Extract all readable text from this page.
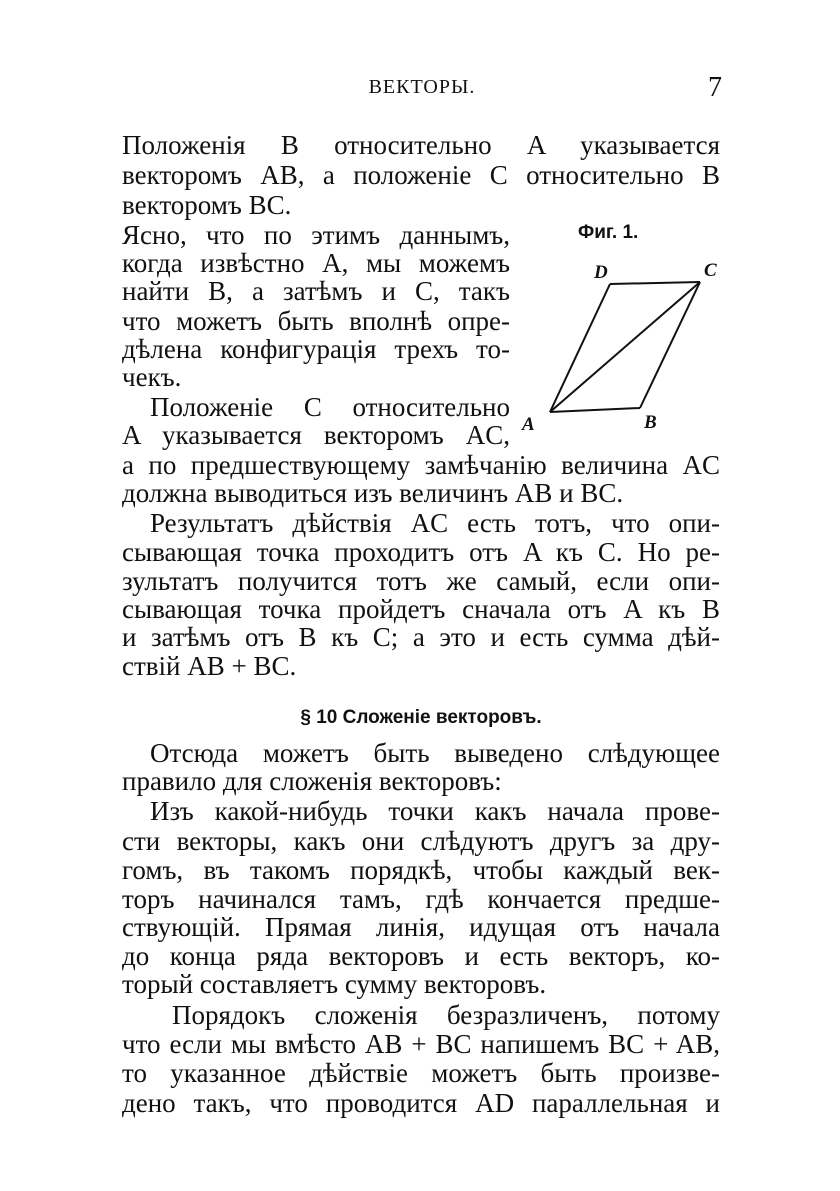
ВЕКТОРЫ.	7
Положенія B относительно A указывается
векторомъ AB, а положеніе C относительно B
векторомъ BC.
Ясно, что по этимъ даннымъ,
когда извѣстно A, мы можемъ
найти B, а затѣмъ и C, такъ
что можетъ быть вполнѣ опре-
дѣлена конфигурація трехъ то-
чекъ.
Положеніе C относительно
A указывается векторомъ AC,
а по предшествующему замѣчанію величина AC
должна выводиться изъ величинъ AB и BC.
Результатъ дѣйствія AC есть тотъ, что опи-
сывающая точка проходитъ отъ A къ C. Но ре-
зультатъ получится тотъ же самый, если опи-
сывающая точка пройдетъ сначала отъ A къ B
и затѣмъ отъ B къ C; а это и есть сумма дѣй-
ствій AB + BC.
§ 10 Сложеніе векторовъ.
Отсюда можетъ быть выведено слѣдующее
правило для сложенія векторовъ:
Изъ какой-нибудь точки какъ начала прове-
сти векторы, какъ они слѣдуютъ другъ за дру-
гомъ, въ такомъ порядкѣ, чтобы каждый век-
торъ начинался тамъ, гдѣ кончается предше-
ствующій. Прямая линія, идущая отъ начала
до конца ряда векторовъ и есть векторъ, ко-
торый составляетъ сумму векторовъ.
Порядокъ сложенія безразличенъ, потому
что если мы вмѣсто AB + BC напишемъ BC + AB,
то указанное дѣйствіе можетъ быть произве-
дено такъ, что проводится AD параллельная и
Фиг. 1.
A	B
C
D
